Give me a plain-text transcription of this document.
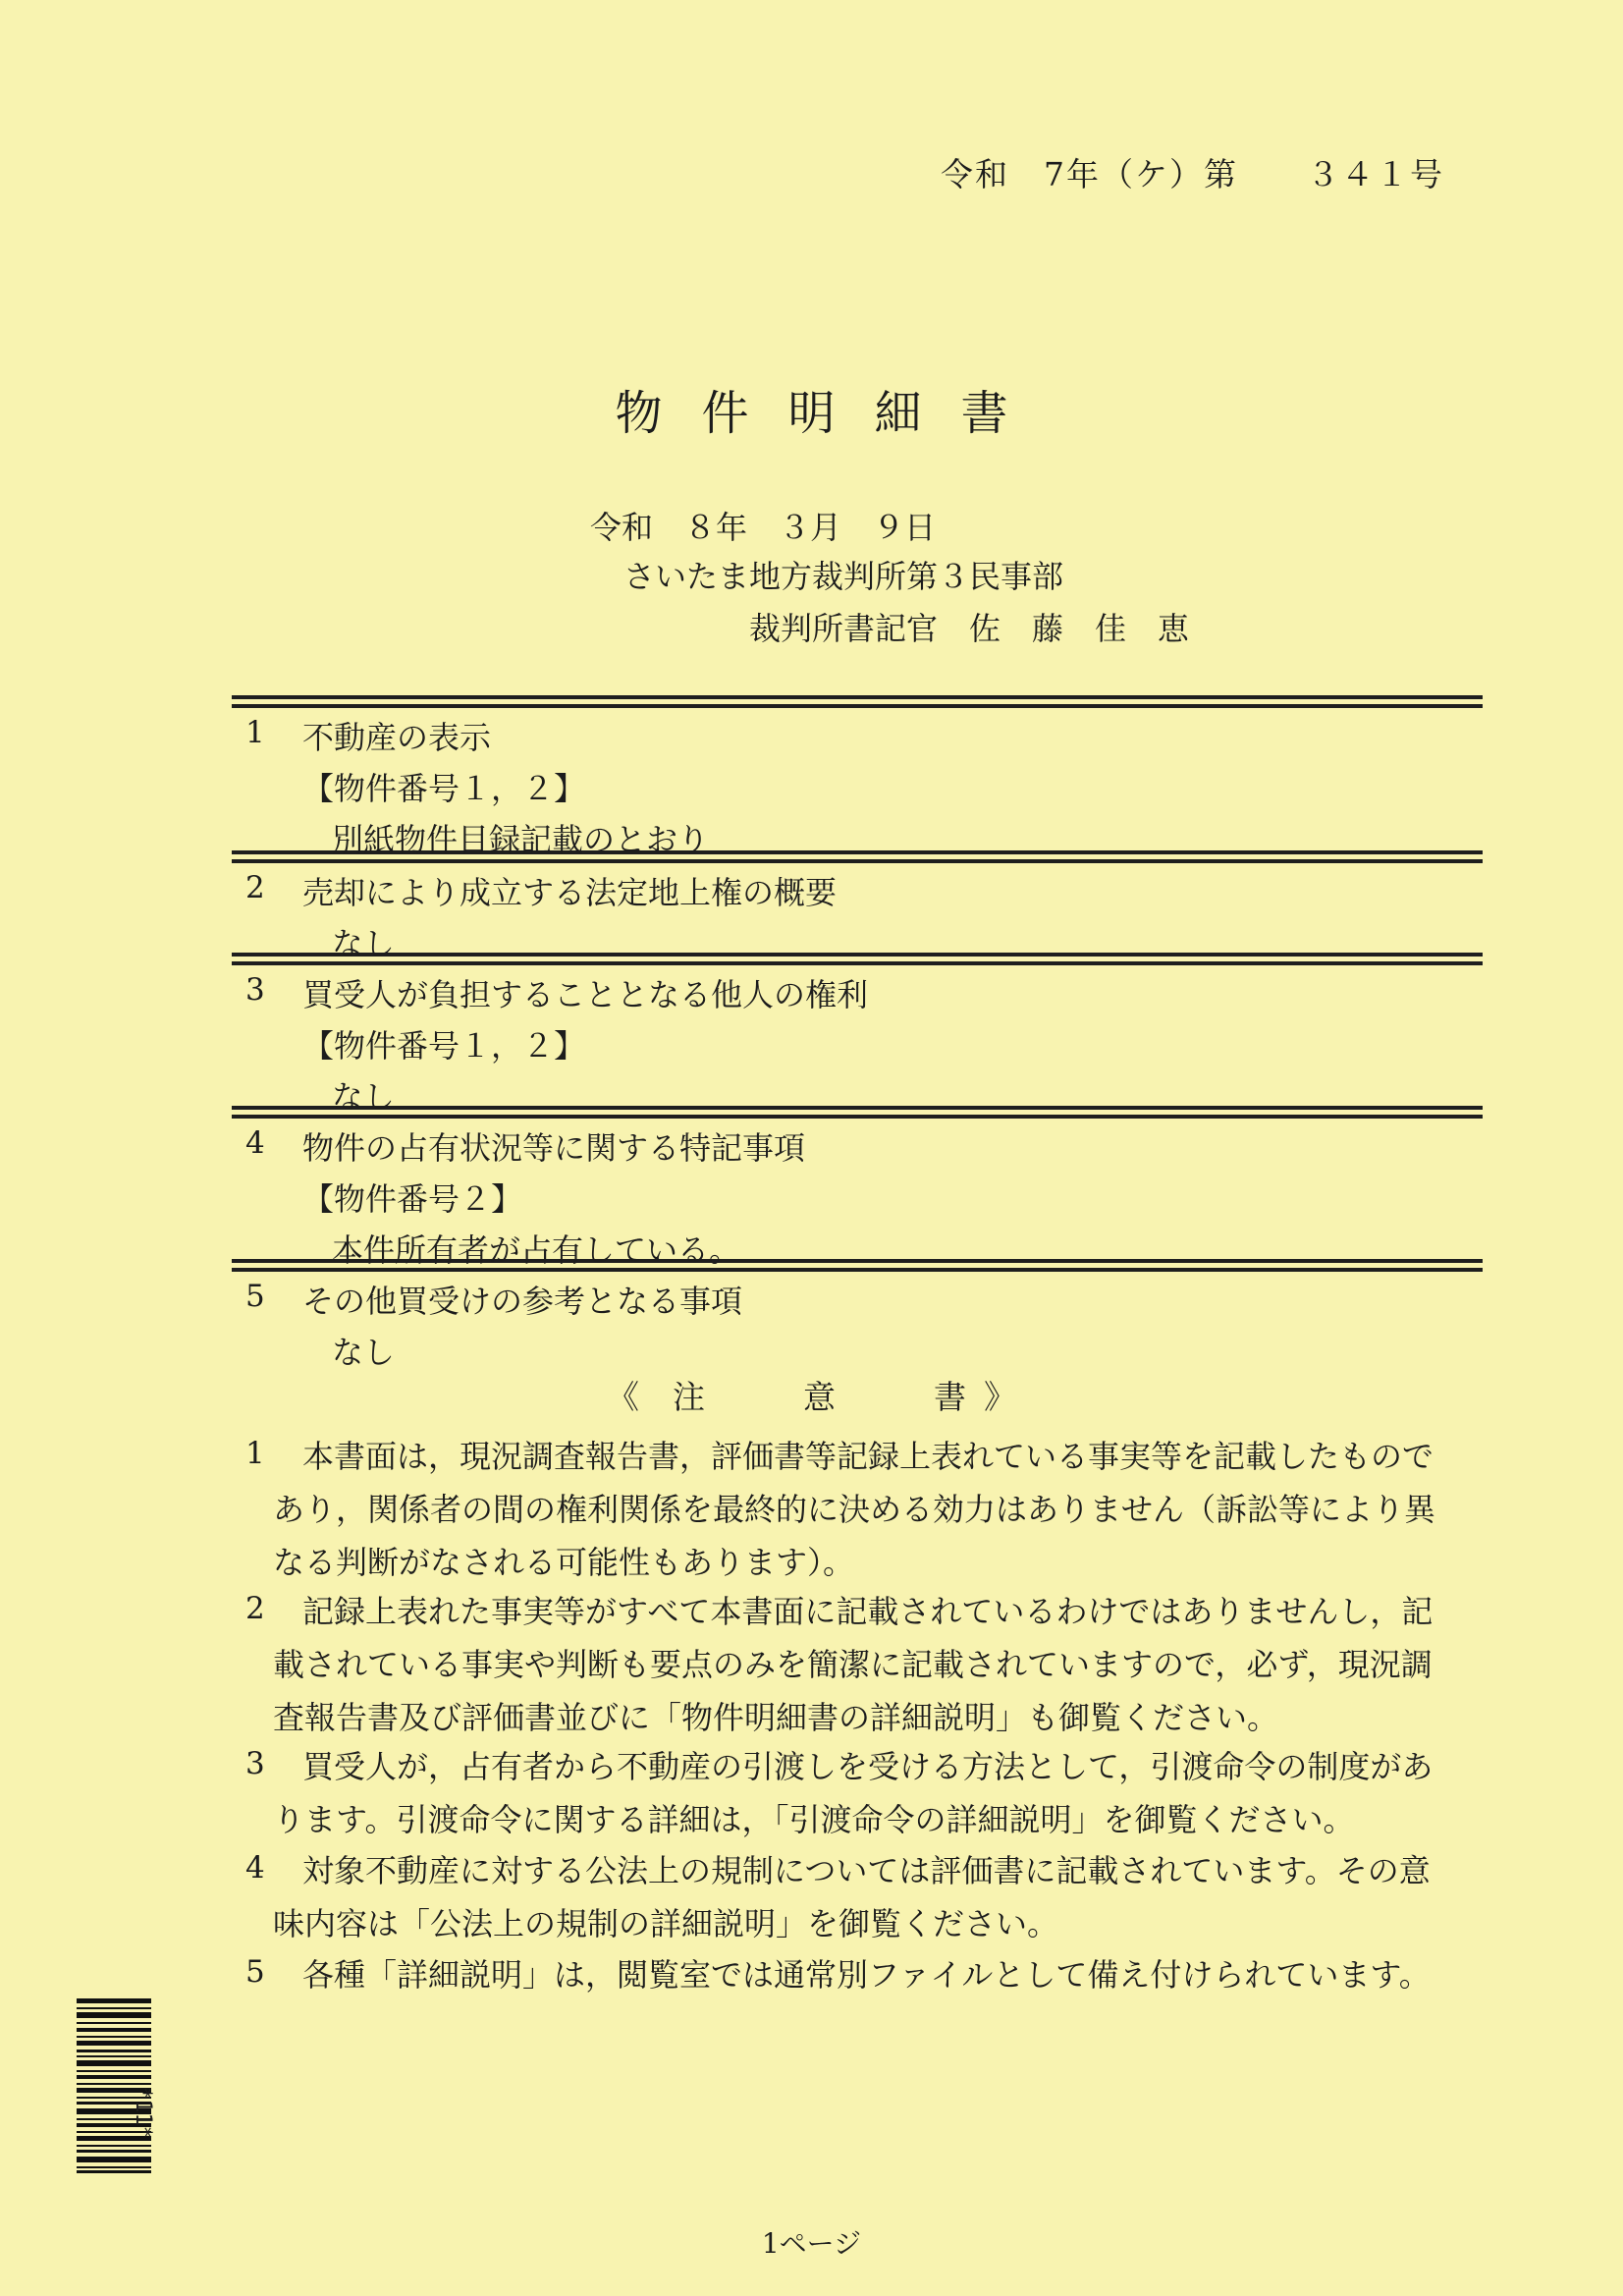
令和　7年（ケ）第　　３４１号
物件明細書
令和　８年　３月　９日
さいたま地方裁判所第３民事部
裁判所書記官　佐　藤　佳　恵
1 不動産の表示
【物件番号１，２】
別紙物件目録記載のとおり
2 売却により成立する法定地上権の概要
なし
3 買受人が負担することとなる他人の権利
【物件番号１，２】
なし
4 物件の占有状況等に関する特記事項
【物件番号２】
本件所有者が占有している。
5 その他買受けの参考となる事項
なし
《 注	意	書 》
1 本書面は，現況調査報告書，評価書等記録上表れている事実等を記載したもので
あり，関係者の間の権利関係を最終的に決める効力はありません（訴訟等により異
なる判断がなされる可能性もあります）。
2 記録上表れた事実等がすべて本書面に記載されているわけではありませんし，記
載されている事実や判断も要点のみを簡潔に記載されていますので，必ず，現況調
査報告書及び評価書並びに「物件明細書の詳細説明」も御覧ください。
3 買受人が，占有者から不動産の引渡しを受ける方法として，引渡命令の制度があ
ります。引渡命令に関する詳細は，「引渡命令の詳細説明」を御覧ください。
4 対象不動産に対する公法上の規制については評価書に記載されています。その意
味内容は「公法上の規制の詳細説明」を御覧ください。
5 各種「詳細説明」は，閲覧室では通常別ファイルとして備え付けられています。
*11*
1ページ
